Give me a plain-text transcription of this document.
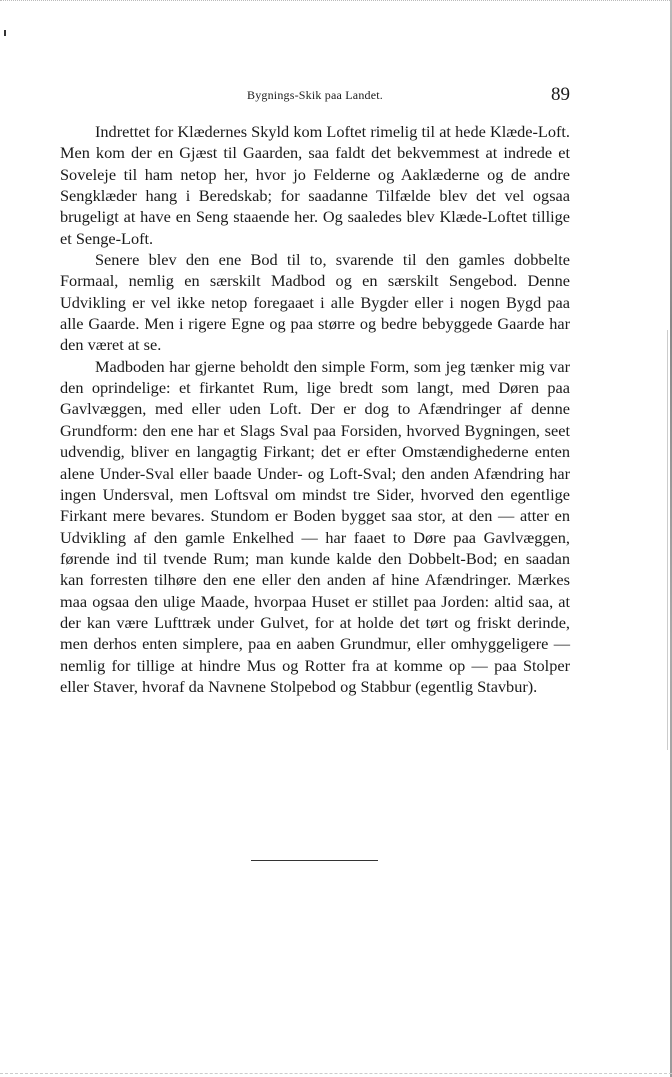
Bygnings-Skik paa Landet.	89

Indrettet for Klædernes Skyld kom Loftet rimelig til at hede Klæde-Loft. Men kom der en Gjæst til Gaarden, saa faldt det bekvemmest at indrede et Soveleje til ham netop her, hvor jo Felderne og Aaklæderne og de andre Sengklæder hang i Beredskab; for saadanne Tilfælde blev det vel ogsaa brugeligt at have en Seng staaende her. Og saaledes blev Klæde-Loftet tillige et Senge-Loft.

Senere blev den ene Bod til to, svarende til den gamles dobbelte Formaal, nemlig en særskilt Madbod og en særskilt Sengebod. Denne Udvikling er vel ikke netop foregaaet i alle Bygder eller i nogen Bygd paa alle Gaarde. Men i rigere Egne og paa større og bedre bebyggede Gaarde har den været at se.

Madboden har gjerne beholdt den simple Form, som jeg tænker mig var den oprindelige: et firkantet Rum, lige bredt som langt, med Døren paa Gavlvæggen, med eller uden Loft. Der er dog to Afændringer af denne Grundform: den ene har et Slags Sval paa Forsiden, hvorved Bygningen, seet udvendig, bliver en langagtig Firkant; det er efter Omstændighederne enten alene Under-Sval eller baade Under- og Loft-Sval; den anden Afændring har ingen Undersval, men Loftsval om mindst tre Sider, hvorved den egentlige Firkant mere bevares. Stundom er Boden bygget saa stor, at den — atter en Udvikling af den gamle Enkelhed — har faaet to Døre paa Gavlvæggen, førende ind til tvende Rum; man kunde kalde den Dobbelt-Bod; en saadan kan forresten tilhøre den ene eller den anden af hine Afændringer. Mærkes maa ogsaa den ulige Maade, hvorpaa Huset er stillet paa Jorden: altid saa, at der kan være Lufttræk under Gulvet, for at holde det tørt og friskt derinde, men derhos enten simplere, paa en aaben Grundmur, eller omhyggeligere — nemlig for tillige at hindre Mus og Rotter fra at komme op — paa Stolper eller Staver, hvoraf da Navnene Stolpebod og Stabbur (egentlig Stavbur).
